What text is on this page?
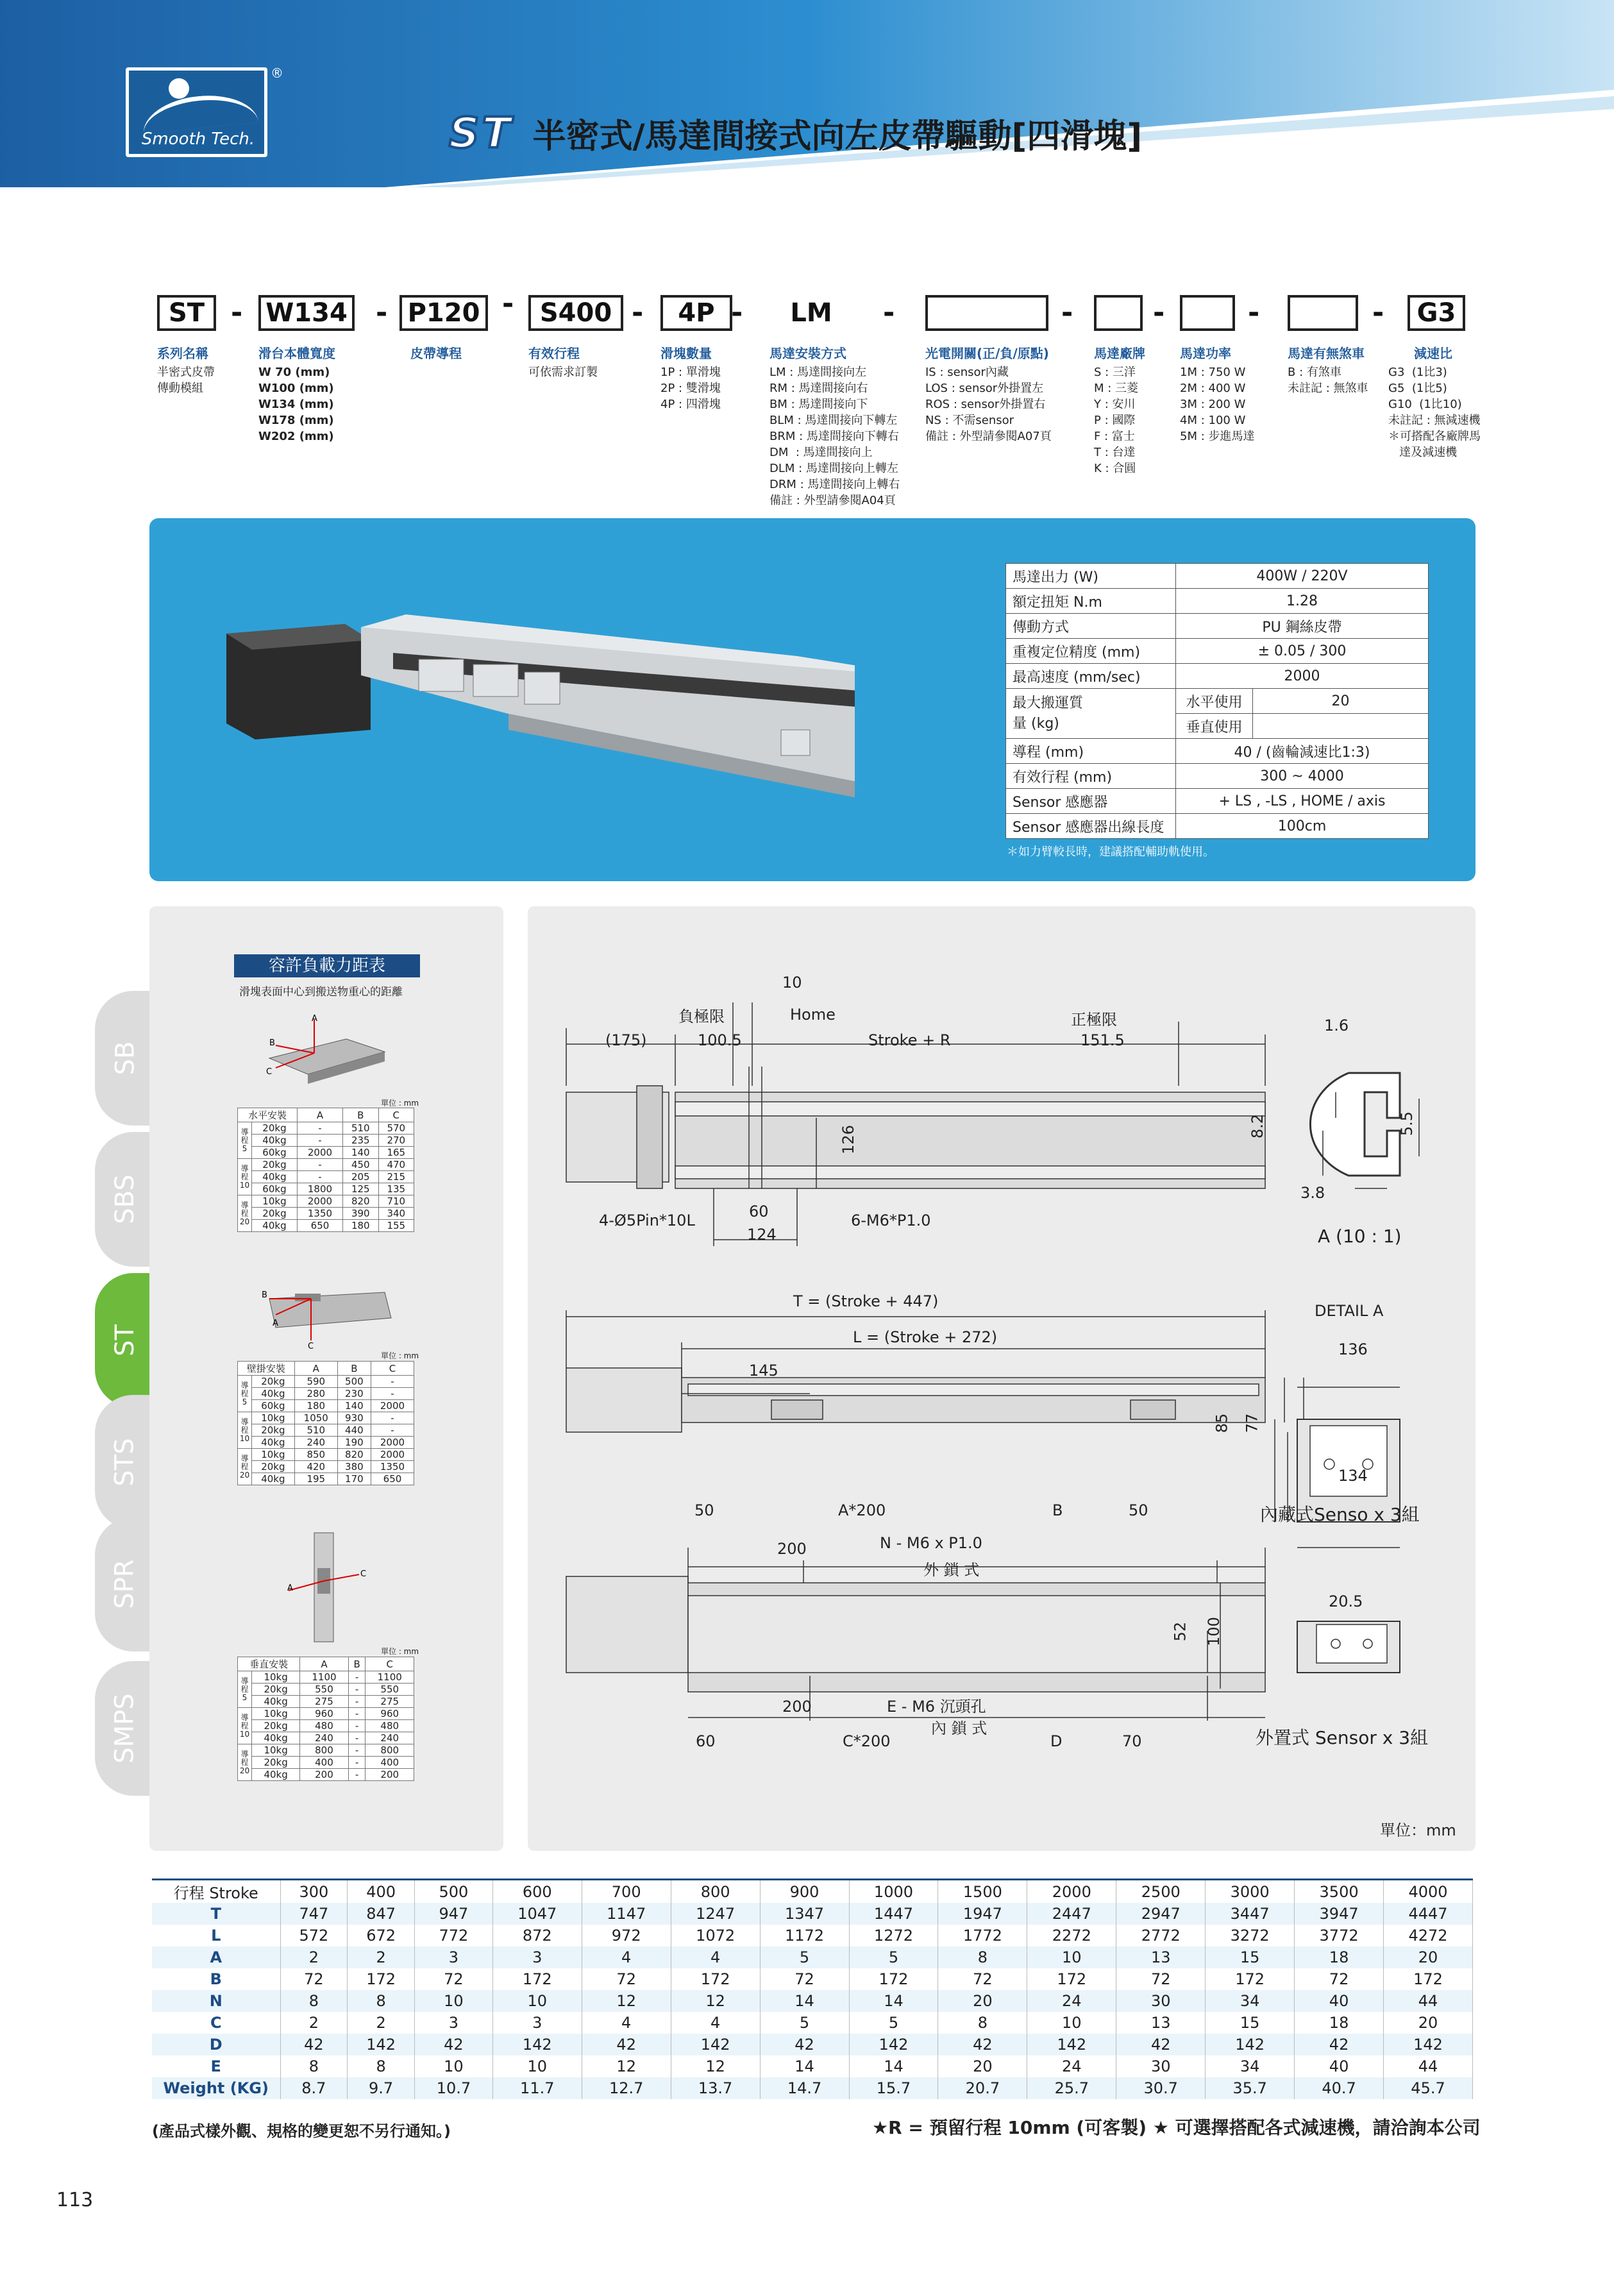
Smooth Tech.
®
ST 半密式/馬達間接式向左皮帶驅動[四滑塊]
ST - W134 - P120 -	S400 -	4P -	LM	-	-	-	-	-	G3
系列名稱
半密式皮帶
傳動模組
滑台本體寬度
W 70 (mm)
W100 (mm)
W134 (mm)
W178 (mm)
W202 (mm)
皮帶導程	有效行程
可依需求訂製
滑塊數量
1P : 單滑塊
2P : 雙滑塊
4P : 四滑塊
馬達安裝方式
LM : 馬達間接向左
RM : 馬達間接向右
BM : 馬達間接向下
BLM : 馬達間接向下轉左
BRM : 馬達間接向下轉右
DM  : 馬達間接向上
DLM : 馬達間接向上轉左
DRM : 馬達間接向上轉右
備註 : 外型請參閱A04頁
光電開關(正/負/原點)
IS : sensor內藏
LOS : sensor外掛置左
ROS : sensor外掛置右
NS : 不需sensor
備註 : 外型請參閱A07頁
馬達廠牌
S : 三洋
M : 三菱
Y : 安川
P : 國際
F : 富士
T : 台達
K : 合圓
馬達功率
1M : 750 W
2M : 400 W
3M : 200 W
4M : 100 W
5M : 步進馬達
馬達有無煞車
B : 有煞車
未註記 : 無煞車
減速比
G3  (1比3)
G5  (1比5)
G10  (1比10)
未註記 : 無減速機
＊可搭配各廠牌馬
達及減速機
馬達出力 (W)	400W / 220V	
額定扭矩 N.m	1.28	
傳動方式	PU 鋼絲皮帶	
重複定位精度 (mm)	± 0.05 / 300	
最高速度 (mm/sec)	2000	
最大搬運質量 (kg)	水平使用	20
	垂直使用	
導程 (mm)	40 / (齒輪減速比1:3)	
有效行程 (mm)	300 ~ 4000	
Sensor 感應器	+ LS , -LS , HOME / axis	
Sensor 感應器出線長度	100cm	
＊如力臂較長時，建議搭配輔助軌使用。
SB
SBS
ST
STS
SPR
SMPS
容許負載力距表
滑塊表面中心到搬送物重心的距離
A
B
C
單位 : mm
水平安裝		A	B	C
導程5	20kg	-	510	570
	40kg	-	235	270
	60kg	2000	140	165
導程10	20kg	-	450	470
	40kg	-	205	215
	60kg	1800	125	135
導程20	10kg	2000	820	710
	20kg	1350	390	340
	40kg	650	180	155
B
A
C
單位 : mm
壁掛安裝		A	B	C
導程5	20kg	590	500	-
	40kg	280	230	-
	60kg	180	140	2000
導程10	10kg	1050	930	-
	20kg	510	440	-
	40kg	240	190	2000
導程20	10kg	850	820	2000
	20kg	420	380	1350
	40kg	195	170	650
A
C
單位 : mm
垂直安裝		A	B	C
導程5	10kg	1100	-	1100
	20kg	550	-	550
	40kg	275	-	275
導程10	10kg	960	-	960
	20kg	480	-	480
	40kg	240	-	240
導程20	10kg	800	-	800
	20kg	400	-	400
	40kg	200	-	200
10
負極限	Home	正極限
(175)	100.5	Stroke + R	151.5
126
4-Ø5Pin*10L	60	6-M6*P1.0
124
T = (Stroke + 447)
L = (Stroke + 272)
145
50	A*200	B	50
200	N - M6 x P1.0
外 鎖 式
52 100
200	E - M6 沉頭孔
內 鎖 式
60	C*200	D	70
1.6
8.2	5.5
3.8
A (10 : 1)
DETAIL A
136
85 77
134
內藏式Senso x 3組
20.5
外置式 Sensor x 3組
單位：mm
行程 Stroke	300	400	500	600	700	800	900	1000	1500	2000	2500	3000	3500	4000
T	747	847	947	1047	1147	1247	1347	1447	1947	2447	2947	3447	3947	4447
L	572	672	772	872	972	1072	1172	1272	1772	2272	2772	3272	3772	4272
A	2	2	3	3	4	4	5	5	8	10	13	15	18	20
B	72	172	72	172	72	172	72	172	72	172	72	172	72	172
N	8	8	10	10	12	12	14	14	20	24	30	34	40	44
C	2	2	3	3	4	4	5	5	8	10	13	15	18	20
D	42	142	42	142	42	142	42	142	42	142	42	142	42	142
E	8	8	10	10	12	12	14	14	20	24	30	34	40	44
Weight (KG)	8.7	9.7	10.7	11.7	12.7	13.7	14.7	15.7	20.7	25.7	30.7	35.7	40.7	45.7
(產品式樣外觀、規格的變更恕不另行通知。)	★R = 預留行程 10mm (可客製) ★ 可選擇搭配各式減速機，請洽詢本公司
113
